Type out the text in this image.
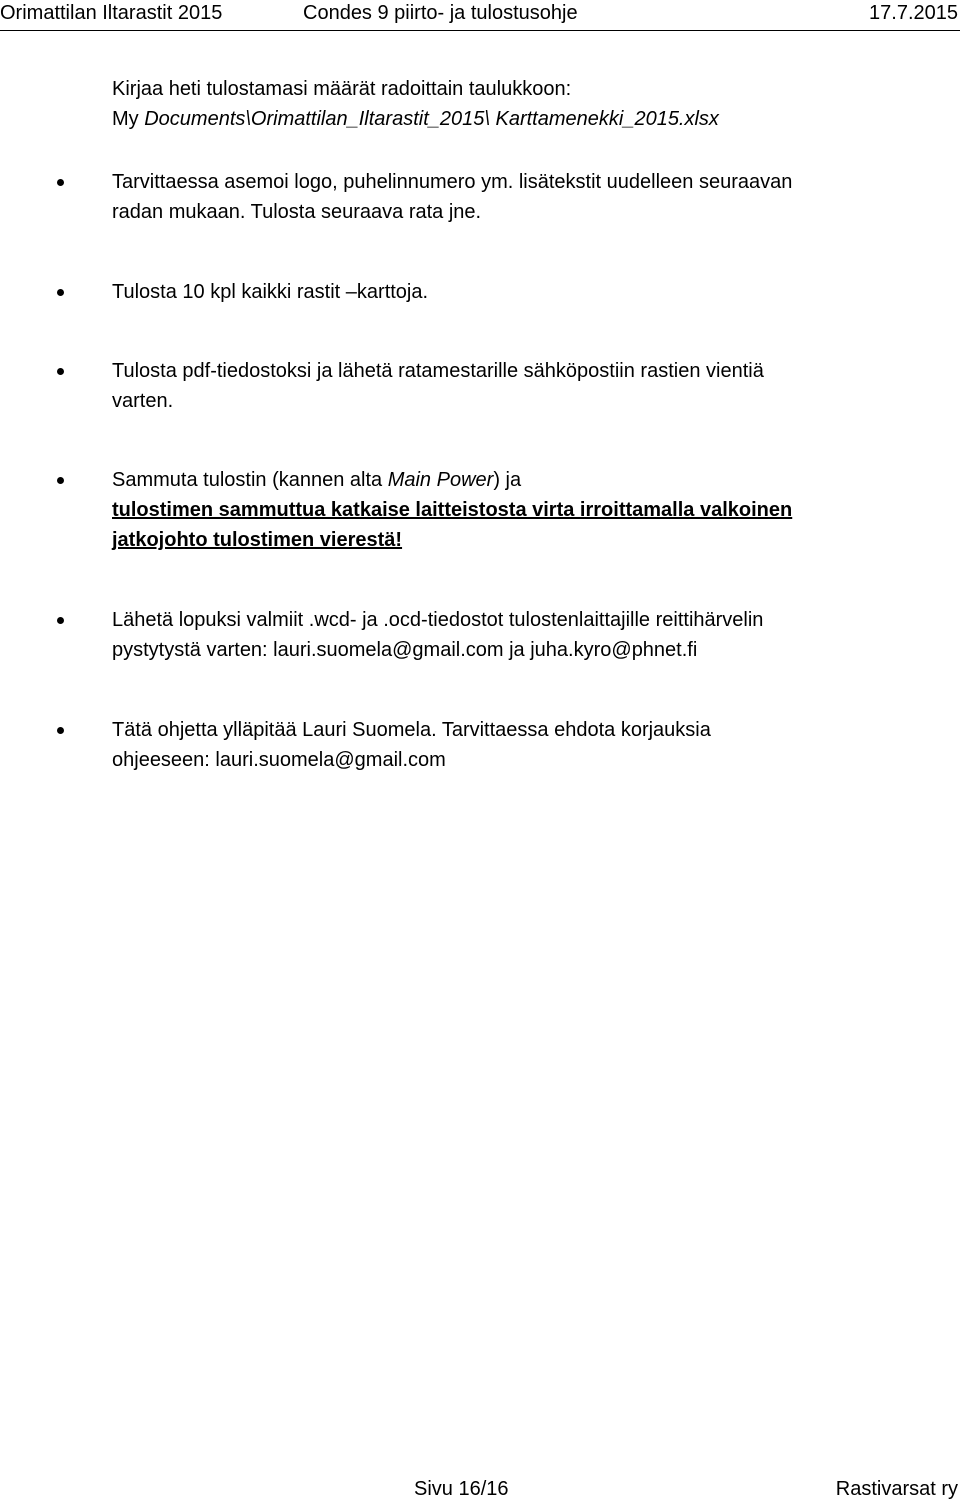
Orimattilan Iltarastit 2015	Condes 9 piirto- ja tulostusohje	17.7.2015
Kirjaa heti tulostamasi määrät radoittain taulukkoon:
My Documents\Orimattilan_Iltarastit_2015\ Karttamenekki_2015.xlsx
Tarvittaessa asemoi logo, puhelinnumero ym. lisätekstit uudelleen seuraavan
radan mukaan. Tulosta seuraava rata jne.
Tulosta 10 kpl kaikki rastit –karttoja.
Tulosta pdf-tiedostoksi ja lähetä ratamestarille sähköpostiin rastien vientiä
varten.
Sammuta tulostin (kannen alta Main Power) ja
tulostimen sammuttua katkaise laitteistosta virta irroittamalla valkoinen
jatkojohto tulostimen vierestä!
Lähetä lopuksi valmiit .wcd- ja .ocd-tiedostot tulostenlaittajille reittihärvelin
pystytystä varten: lauri.suomela@gmail.com ja juha.kyro@phnet.fi
Tätä ohjetta ylläpitää Lauri Suomela. Tarvittaessa ehdota korjauksia
ohjeeseen: lauri.suomela@gmail.com
Sivu 16/16	Rastivarsat ry
